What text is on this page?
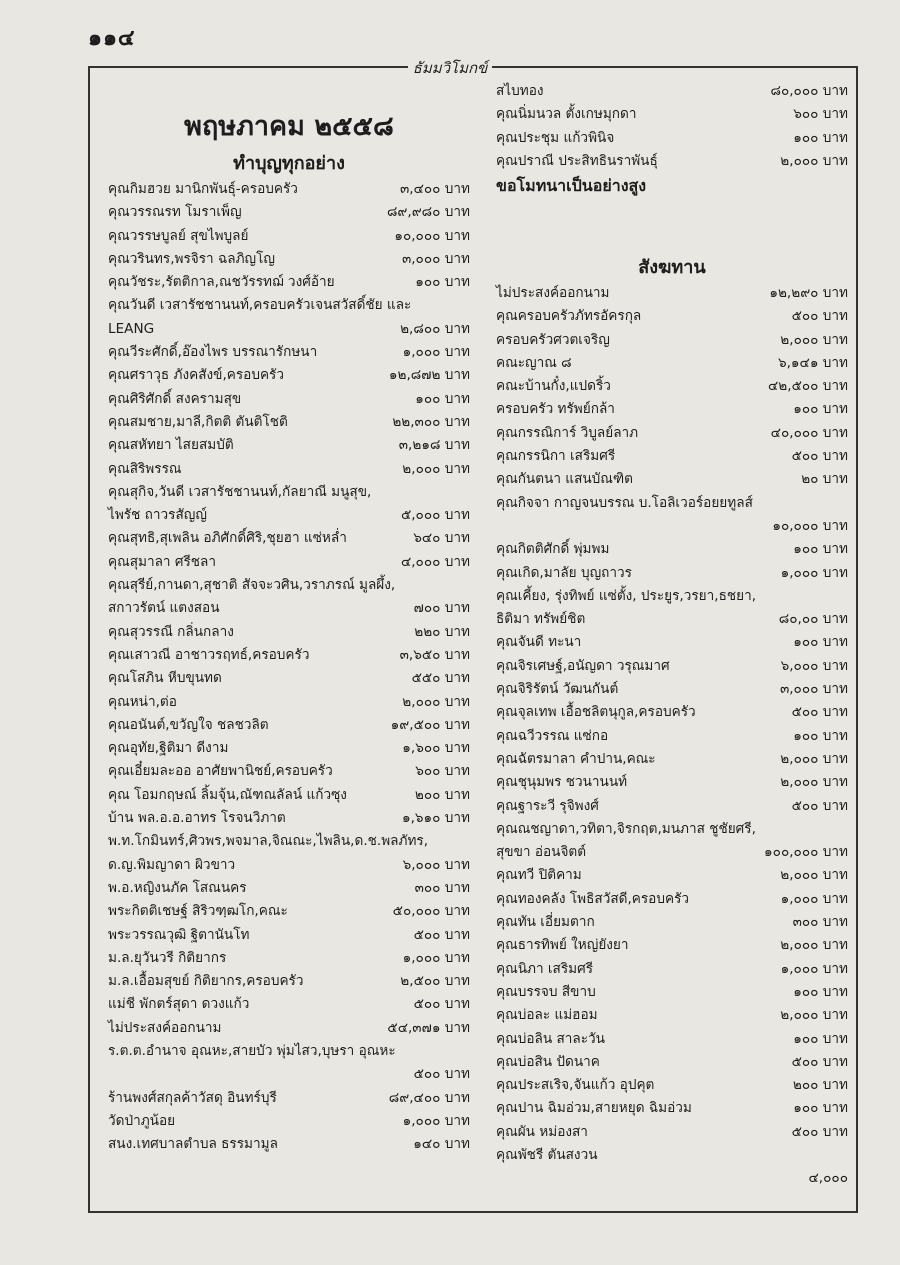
๑๑๔
ธัมมวิโมกข์
พฤษภาคม ๒๕๕๘
ทำบุญทุกอย่าง
คุณกิมฮวย มานิกพันธุ์-ครอบครัว	๓,๔๐๐ บาท
คุณวรรณรท โมราเพ็ญ	๘๙,๙๘๐ บาท
คุณวรรษบูลย์ สุขไพบูลย์	๑๐,๐๐๐ บาท
คุณวรินทร,พรจิรา ฉลภิญโญ	๓,๐๐๐ บาท
คุณวัชระ,รัตติกาล,ณชวัรรทฌ์ วงศ์อ้าย	๑๐๐ บาท
คุณวันดี เวสารัชชานนท์,ครอบครัวเจนสวัสดิ์ชัย และ
LEANG	๒,๘๐๐ บาท
คุณวีระศักดิ์,อ๊องไพร บรรณารักษนา	๑,๐๐๐ บาท
คุณศราวุธ ภังคสังข์,ครอบครัว	๑๒,๘๗๒ บาท
คุณศิริศักดิ์ สงครามสุข	๑๐๐ บาท
คุณสมชาย,มาลี,กิตติ ตันติโชติ	๒๒,๓๐๐ บาท
คุณสหัทยา ไสยสมบัติ	๓,๒๑๘ บาท
คุณสิริพรรณ	๒,๐๐๐ บาท
คุณสุกิจ,วันดี เวสารัชชานนท์,กัลยาณี มนูสุข,
ไพรัช ถาวรสัญญ์	๕,๐๐๐ บาท
คุณสุทธิ,สุเพลิน อภิศักดิ์ศิริ,ชุยฮา แซ่หล่ำ	๖๔๐ บาท
คุณสุมาลา ศรีชลา	๔,๐๐๐ บาท
คุณสุรีย์,กานดา,สุชาติ สัจจะวศิน,วราภรณ์ มูลผึ้ง,
สกาวรัตน์ แตงสอน	๗๐๐ บาท
คุณสุวรรณี กลิ่นกลาง	๒๒๐ บาท
คุณเสาวณี อาชาวรฤทธ์,ครอบครัว	๓,๖๕๐ บาท
คุณโสภิน หีบขุนทด	๕๕๐ บาท
คุณหน่า,ต่อ	๒,๐๐๐ บาท
คุณอนันต์,ขวัญใจ ชลชวลิต	๑๙,๕๐๐ บาท
คุณอุทัย,ฐิติมา ดีงาม	๑,๖๐๐ บาท
คุณเอี๋ยมละออ อาศัยพานิชย์,ครอบครัว	๖๐๐ บาท
คุณ โอมกฤษณ์ ลิ้มจุ้น,ณัฑณลัลน์ แก้วซุง	๒๐๐ บาท
บ้าน พล.อ.อ.อาทร โรจนวิภาต	๑,๖๑๐ บาท
พ.ท.โกมินทร์,ศิวพร,พจมาล,จิณณะ,ไพลิน,ด.ช.พลภัทร,
ด.ญ.พิมญาดา ผิวขาว	๖,๐๐๐ บาท
พ.อ.หญิงนภัค โสณนคร	๓๐๐ บาท
พระกิตติเชษฐ์ สิริวฑฺฒโก,คณะ	๕๐,๐๐๐ บาท
พระวรรณวุฒิ ฐิตานันโท	๕๐๐ บาท
ม.ล.ยุวันวรี กิติยากร	๑,๐๐๐ บาท
ม.ล.เอื้อมสุขย์ กิติยากร,ครอบครัว	๒,๕๐๐ บาท
แม่ชี พักตร์สุดา ดวงแก้ว	๕๐๐ บาท
ไม่ประสงค์ออกนาม	๕๔,๓๗๑ บาท
ร.ต.ต.อำนาจ อุณหะ,สายบัว พุ่มไสว,บุษรา อุณหะ
๕๐๐ บาท
ร้านพงศ์สกุลค้าวัสดุ อินทร์บุรี	๘๙,๔๐๐ บาท
วัดป่าภูน้อย	๑,๐๐๐ บาท
สนง.เทศบาลตำบล ธรรมามูล	๑๔๐ บาท
สไบทอง	๘๐,๐๐๐ บาท
คุณนิ่มนวล ตั้งเกษมุกดา	๖๐๐ บาท
คุณประชุม แก้วพินิจ	๑๐๐ บาท
คุณปราณี ประสิทธินราพันธุ์	๒,๐๐๐ บาท
ขอโมทนาเป็นอย่างสูง
สังฆทาน
ไม่ประสงค์ออกนาม	๑๒,๒๙๐ บาท
คุณครอบครัวภัทรอัครกุล	๕๐๐ บาท
ครอบครัวศวตเจริญ	๒,๐๐๐ บาท
คณะญาณ ๘	๖,๑๔๑ บาท
คณะบ้านกั๋ง,แปดริ้ว	๔๒,๕๐๐ บาท
ครอบครัว ทรัพย์กล้า	๑๐๐ บาท
คุณกรรณิการ์ วิบูลย์ลาภ	๔๐,๐๐๐ บาท
คุณกรรนิกา เสริมศรี	๕๐๐ บาท
คุณกันตนา แสนบัณฑิต	๒๐ บาท
คุณกิจจา กาญจนบรรณ บ.โอลิเวอร์อยยทูลส์
๑๐,๐๐๐ บาท
คุณกิตติศักดิ์ พุ่มพม	๑๐๐ บาท
คุณเกิด,มาลัย บุญถาวร	๑,๐๐๐ บาท
คุณเคี้ยง, รุ่งทิพย์ แซ่ตั้ง, ประยูร,วรยา,ธชยา,
ธิติมา ทรัพย์ชิต	๘๐,๐๐ บาท
คุณจันดี ทะนา	๑๐๐ บาท
คุณจิรเศษฐ์,อนัญดา วรุณมาศ	๖,๐๐๐ บาท
คุณจิริรัตน์ วัฒนกันต์	๓,๐๐๐ บาท
คุณจุลเทพ เอื้อชลิตนุกูล,ครอบครัว	๕๐๐ บาท
คุณฉวีวรรณ แซ่กอ	๑๐๐ บาท
คุณฉัตรมาลา คำปาน,คณะ	๒,๐๐๐ บาท
คุณชุนุมพร ชวนานนท์	๒,๐๐๐ บาท
คุณฐาระวี รุจิพงศ์	๕๐๐ บาท
คุณณชญาดา,วทิตา,จิรกฤต,มนภาส ชูชัยศรี,
สุขขา อ่อนจิตต์	๑๐๐,๐๐๐ บาท
คุณทวี ปิติคาม	๒,๐๐๐ บาท
คุณทองคลัง โพธิสวัสดี,ครอบครัว	๑,๐๐๐ บาท
คุณทัน เอี่ยมตาก	๓๐๐ บาท
คุณธารทิพย์ ใหญ่ยังยา	๒,๐๐๐ บาท
คุณนิภา เสริมศรี	๑,๐๐๐ บาท
คุณบรรจบ สีขาบ	๑๐๐ บาท
คุณบ่อละ แม่ฮอม	๒,๐๐๐ บาท
คุณบ่อลิน สาละวัน	๑๐๐ บาท
คุณบ่อสิน ปัดนาค	๕๐๐ บาท
คุณประสเริจ,จันแก้ว อุปคุต	๒๐๐ บาท
คุณปาน ฉิมอ่วม,สายหยุด ฉิมอ่วม	๑๐๐ บาท
คุณผัน หม่องสา	๕๐๐ บาท
คุณพัชรี ตันสงวน
๔,๐๐๐
